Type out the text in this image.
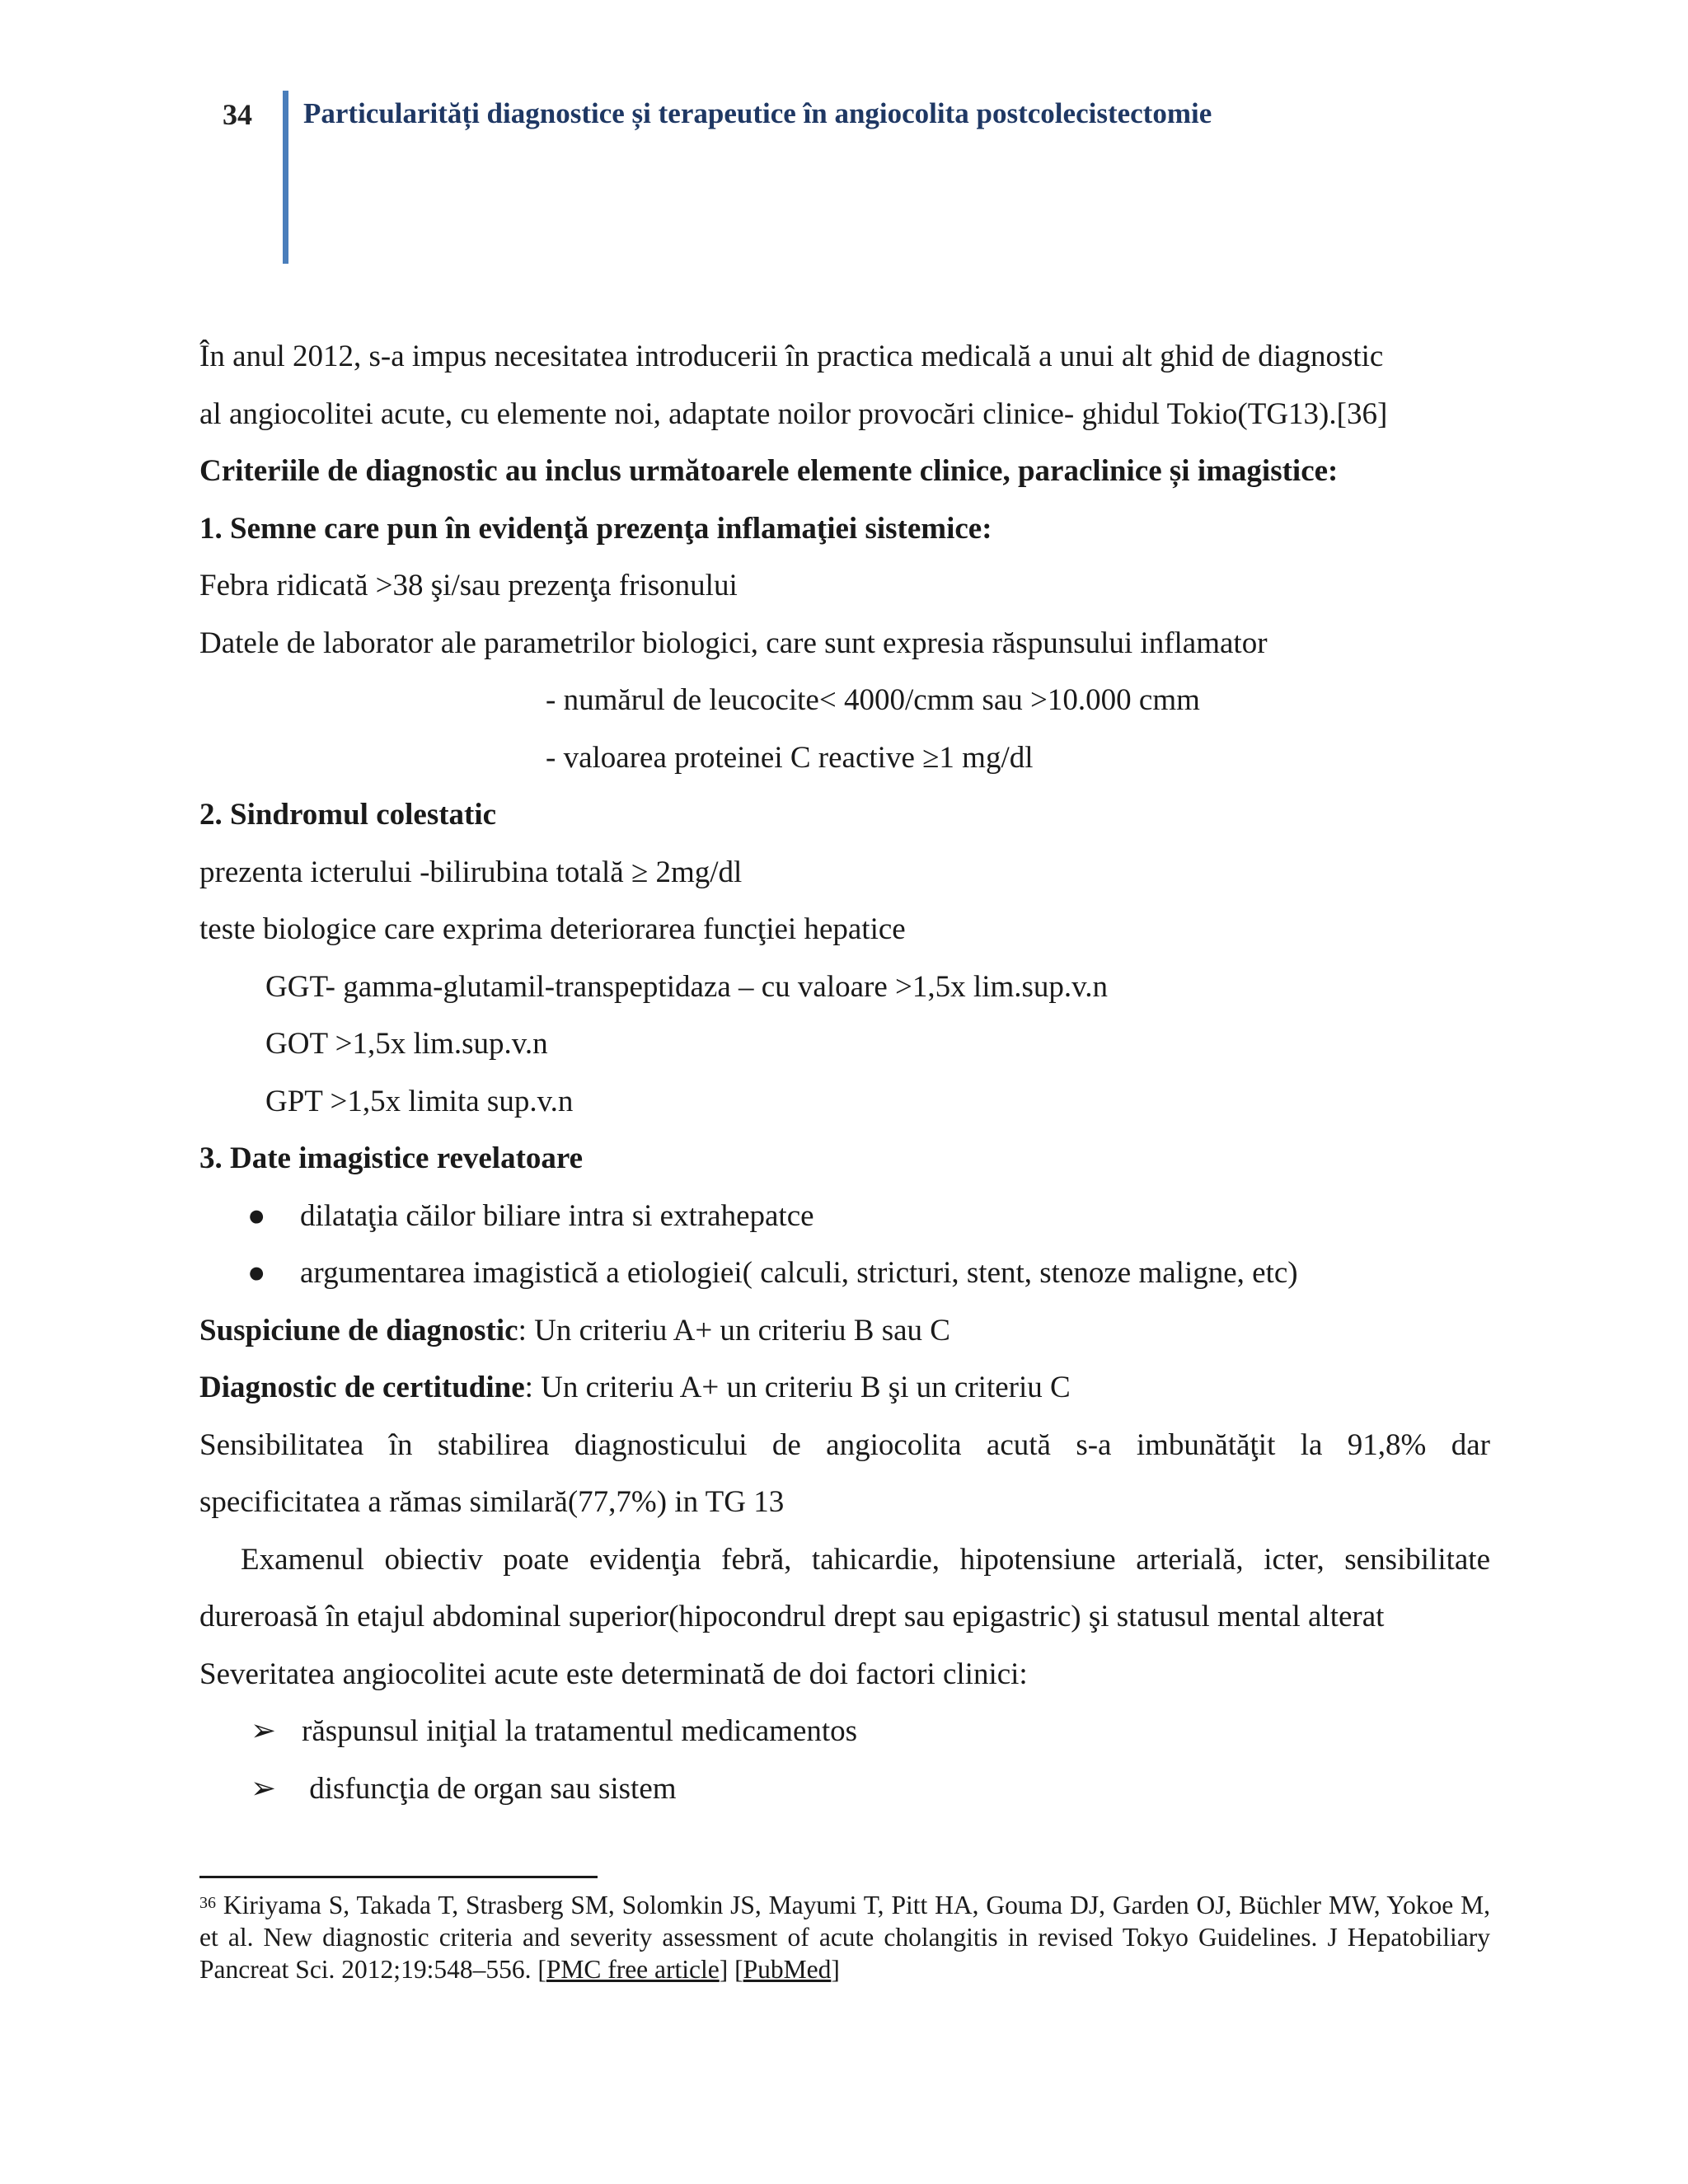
34 Particularități diagnostice și terapeutice în angiocolita postcolecistectomie
În anul 2012, s-a impus necesitatea introducerii în practica medicală a unui alt ghid de diagnostic
al angiocolitei acute, cu elemente noi, adaptate noilor provocări clinice- ghidul Tokio(TG13).[36]
Criteriile de diagnostic au inclus următoarele elemente clinice, paraclinice și imagistice:
1. Semne care pun în evidenţă prezenţa inflamaţiei sistemice:
Febra ridicată >38 şi/sau prezenţa frisonului
Datele de laborator ale parametrilor biologici, care sunt expresia răspunsului inflamator
- numărul de leucocite< 4000/cmm sau >10.000 cmm
- valoarea proteinei C reactive ≥1 mg/dl
2. Sindromul colestatic
prezenta icterului -bilirubina totală ≥ 2mg/dl
teste biologice care exprima deteriorarea funcţiei hepatice
GGT- gamma-glutamil-transpeptidaza – cu valoare >1,5x lim.sup.v.n
GOT >1,5x lim.sup.v.n
GPT >1,5x limita sup.v.n
3. Date imagistice revelatoare
● dilataţia căilor biliare intra si extrahepatce
● argumentarea imagistică a etiologiei( calculi, stricturi, stent, stenoze maligne, etc)
Suspiciune de diagnostic: Un criteriu A+ un criteriu B sau C
Diagnostic de certitudine: Un criteriu A+ un criteriu B şi un criteriu C
Sensibilitatea în stabilirea diagnosticului de angiocolita acută s-a imbunătăţit la 91,8% dar
specificitatea a rămas similară(77,7%) in TG 13
Examenul obiectiv poate evidenţia febră, tahicardie, hipotensiune arterială, icter, sensibilitate
dureroasă în etajul abdominal superior(hipocondrul drept sau epigastric) şi statusul mental alterat
Severitatea angiocolitei acute este determinată de doi factori clinici:
➢ răspunsul iniţial la tratamentul medicamentos
➢ disfuncţia de organ sau sistem
$^{36}$ Kiriyama S, Takada T, Strasberg SM, Solomkin JS, Mayumi T, Pitt HA, Gouma DJ, Garden OJ, Büchler MW, Yokoe M, et al. New diagnostic criteria and severity assessment of acute cholangitis in revised Tokyo Guidelines. J Hepatobiliary Pancreat Sci. 2012;19:548–556. [PMC free article] [PubMed]
